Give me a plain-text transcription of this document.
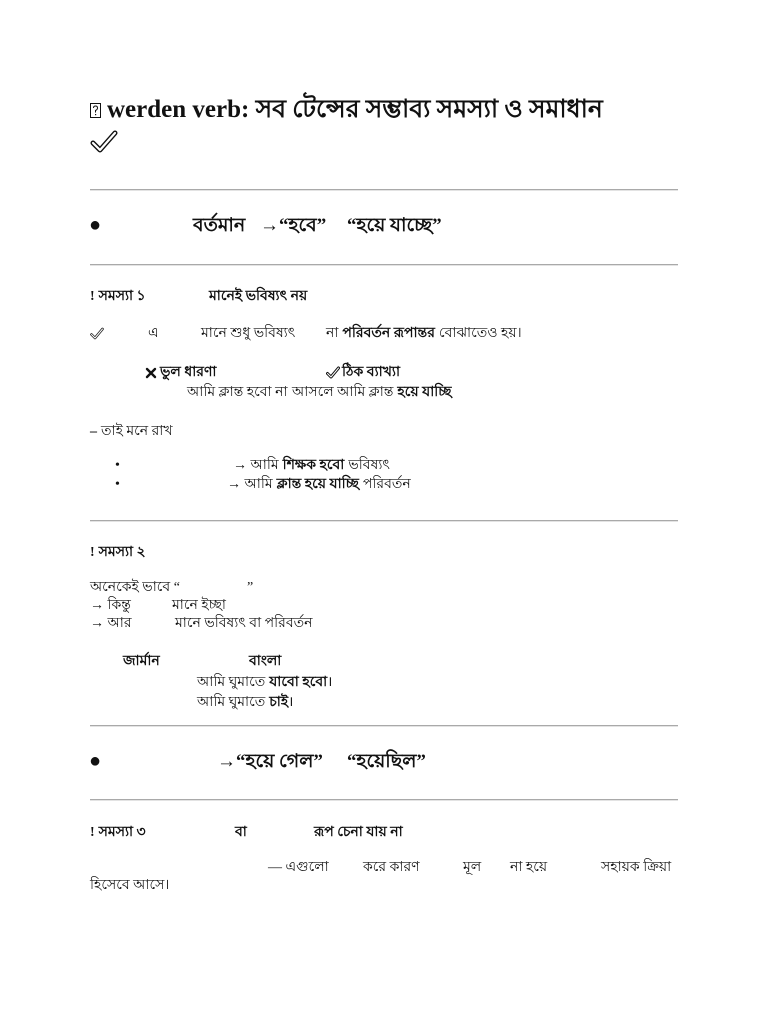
werden verb: সব টেন্সের সম্ভাব্য সমস্যা ও সমাধান
●	বর্তমান →“হবে” “হয়ে যাচ্ছে”
! সমস্যা ১	মানেই ভবিষ্যৎ নয়
এ	মানে শুধু ভবিষ্যৎ না পরিবর্তন রূপান্তর বোঝাতেও হয়।
ভুল ধারণা	ঠিক ব্যাখ্যা
আমি ক্লান্ত হবো না আসলে আমি ক্লান্ত হয়ে যাচ্ছি
– তাই মনে রাখ
•	→ আমি শিক্ষক হবো ভবিষ্যৎ
•	→ আমি ক্লান্ত হয়ে যাচ্ছি পরিবর্তন
! সমস্যা ২
অনেকেই ভাবে “	”
→ কিন্তু	মানে ইচ্ছা
→ আর	মানে ভবিষ্যৎ বা পরিবর্তন
জার্মান	বাংলা
আমি ঘুমাতে যাবো হবো।
আমি ঘুমাতে চাই।
●	→“হয়ে গেল” “হয়েছিল”
! সমস্যা ৩	বা	রূপ চেনা যায় না
— এগুলো করে কারণ	মূল না হয়ে	সহায়ক ক্রিয়া
হিসেবে আসে।
